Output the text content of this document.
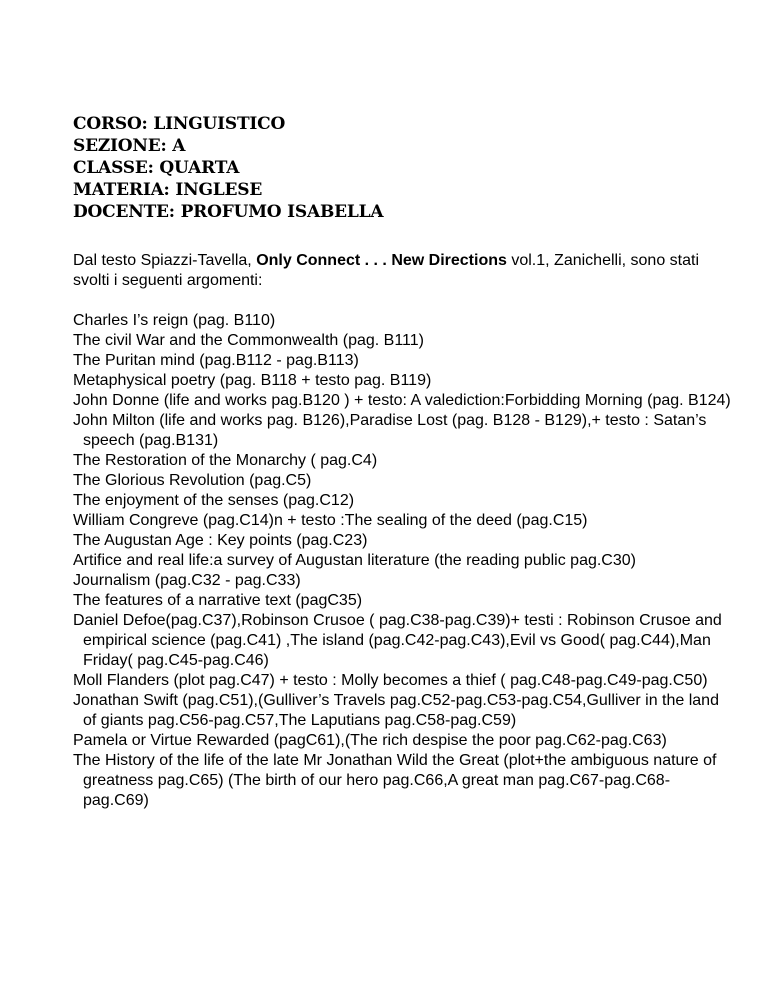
CORSO: LINGUISTICO
SEZIONE: A
CLASSE: QUARTA
MATERIA: INGLESE
DOCENTE: PROFUMO ISABELLA

Dal testo Spiazzi-Tavella, Only Connect . . . New Directions vol.1, Zanichelli, sono stati svolti i seguenti argomenti:

Charles I’s reign (pag. B110)
The civil War and the Commonwealth (pag. B111)
The Puritan mind (pag.B112 - pag.B113)
Metaphysical poetry (pag. B118 + testo pag. B119)
John Donne (life and works pag.B120 ) + testo: A valediction:Forbidding Morning (pag. B124)
John Milton (life and works pag. B126),Paradise Lost (pag. B128 - B129),+ testo : Satan’s speech (pag.B131)
The Restoration of the Monarchy ( pag.C4)
The Glorious Revolution (pag.C5)
The enjoyment of the senses (pag.C12)
William Congreve (pag.C14)n + testo :The sealing of the deed (pag.C15)
The Augustan Age : Key points (pag.C23)
Artifice and real life:a survey of Augustan literature (the reading public pag.C30)
Journalism (pag.C32 - pag.C33)
The features of a narrative text (pagC35)
Daniel Defoe(pag.C37),Robinson Crusoe ( pag.C38-pag.C39)+ testi : Robinson Crusoe and empirical science (pag.C41) ,The island (pag.C42-pag.C43),Evil vs Good( pag.C44),Man Friday( pag.C45-pag.C46)
Moll Flanders (plot pag.C47) + testo : Molly becomes a thief ( pag.C48-pag.C49-pag.C50)
Jonathan Swift (pag.C51),(Gulliver’s Travels pag.C52-pag.C53-pag.C54,Gulliver in the land of giants pag.C56-pag.C57,The Laputians pag.C58-pag.C59)
Pamela or Virtue Rewarded (pagC61),(The rich despise the poor pag.C62-pag.C63)
The History of the life of the late Mr Jonathan Wild the Great (plot+the ambiguous nature of greatness pag.C65) (The birth of our hero pag.C66,A great man pag.C67-pag.C68-pag.C69)
